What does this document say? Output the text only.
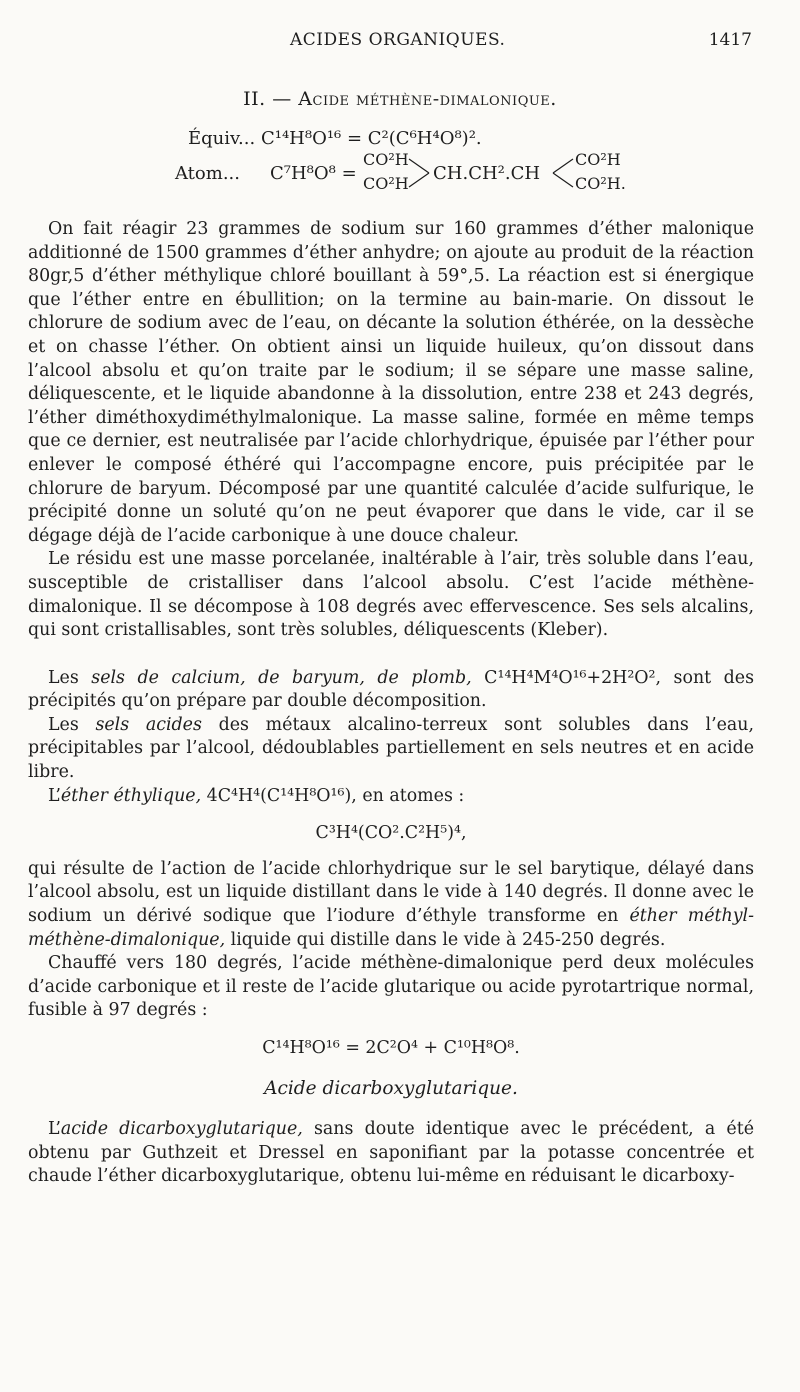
ACIDES ORGANIQUES.	1417
II. — Acide méthène-dimalonique.
Équiv... C¹⁴H⁸O¹⁶ = C²(C⁶H⁴O⁸)².
Atom... C⁷H⁸O⁸ =
CO²H
CO²H CH.CH².CH
CO²H
CO²H.

On fait réagir 23 grammes de sodium sur 160 grammes d’éther malonique additionné de 1500 grammes d’éther anhydre; on ajoute au produit de la réaction 80gr,5 d’éther méthylique chloré bouillant à 59°,5. La réaction est si énergique que l’éther entre en ébullition; on la termine au bain-marie. On dissout le chlorure de sodium avec de l’eau, on décante la solution éthérée, on la dessèche et on chasse l’éther. On obtient ainsi un liquide huileux, qu’on dissout dans l’alcool absolu et qu’on traite par le sodium; il se sépare une masse saline, déliquescente, et le liquide abandonne à la dissolution, entre 238 et 243 degrés, l’éther diméthoxydiméthylmalonique. La masse saline, formée en même temps que ce dernier, est neutralisée par l’acide chlorhydrique, épuisée par l’éther pour enlever le composé éthéré qui l’accompagne encore, puis précipitée par le chlorure de baryum. Décomposé par une quantité calculée d’acide sulfurique, le précipité donne un soluté qu’on ne peut évaporer que dans le vide, car il se dégage déjà de l’acide carbonique à une douce chaleur.

Le résidu est une masse porcelanée, inaltérable à l’air, très soluble dans l’eau, susceptible de cristalliser dans l’alcool absolu. C’est l’acide méthène-dimalonique. Il se décompose à 108 degrés avec effervescence. Ses sels alcalins, qui sont cristallisables, sont très solubles, déliquescents (Kleber).

Les sels de calcium, de baryum, de plomb, C¹⁴H⁴M⁴O¹⁶+2H²O², sont des précipités qu’on prépare par double décomposition.

Les sels acides des métaux alcalino-terreux sont solubles dans l’eau, précipitables par l’alcool, dédoublables partiellement en sels neutres et en acide libre.

L’éther éthylique, 4C⁴H⁴(C¹⁴H⁸O¹⁶), en atomes :

C³H⁴(CO².C²H⁵)⁴,

qui résulte de l’action de l’acide chlorhydrique sur le sel barytique, délayé dans l’alcool absolu, est un liquide distillant dans le vide à 140 degrés. Il donne avec le sodium un dérivé sodique que l’iodure d’éthyle transforme en éther méthyl-méthène-dimalonique, liquide qui distille dans le vide à 245-250 degrés.

Chauffé vers 180 degrés, l’acide méthène-dimalonique perd deux molécules d’acide carbonique et il reste de l’acide glutarique ou acide pyrotartrique normal, fusible à 97 degrés :

C¹⁴H⁸O¹⁶ = 2C²O⁴ + C¹⁰H⁸O⁸.
Acide dicarboxyglutarique.

L’acide dicarboxyglutarique, sans doute identique avec le précédent, a été obtenu par Guthzeit et Dressel en saponifiant par la potasse concentrée et chaude l’éther dicarboxyglutarique, obtenu lui-même en réduisant le dicarboxy-
